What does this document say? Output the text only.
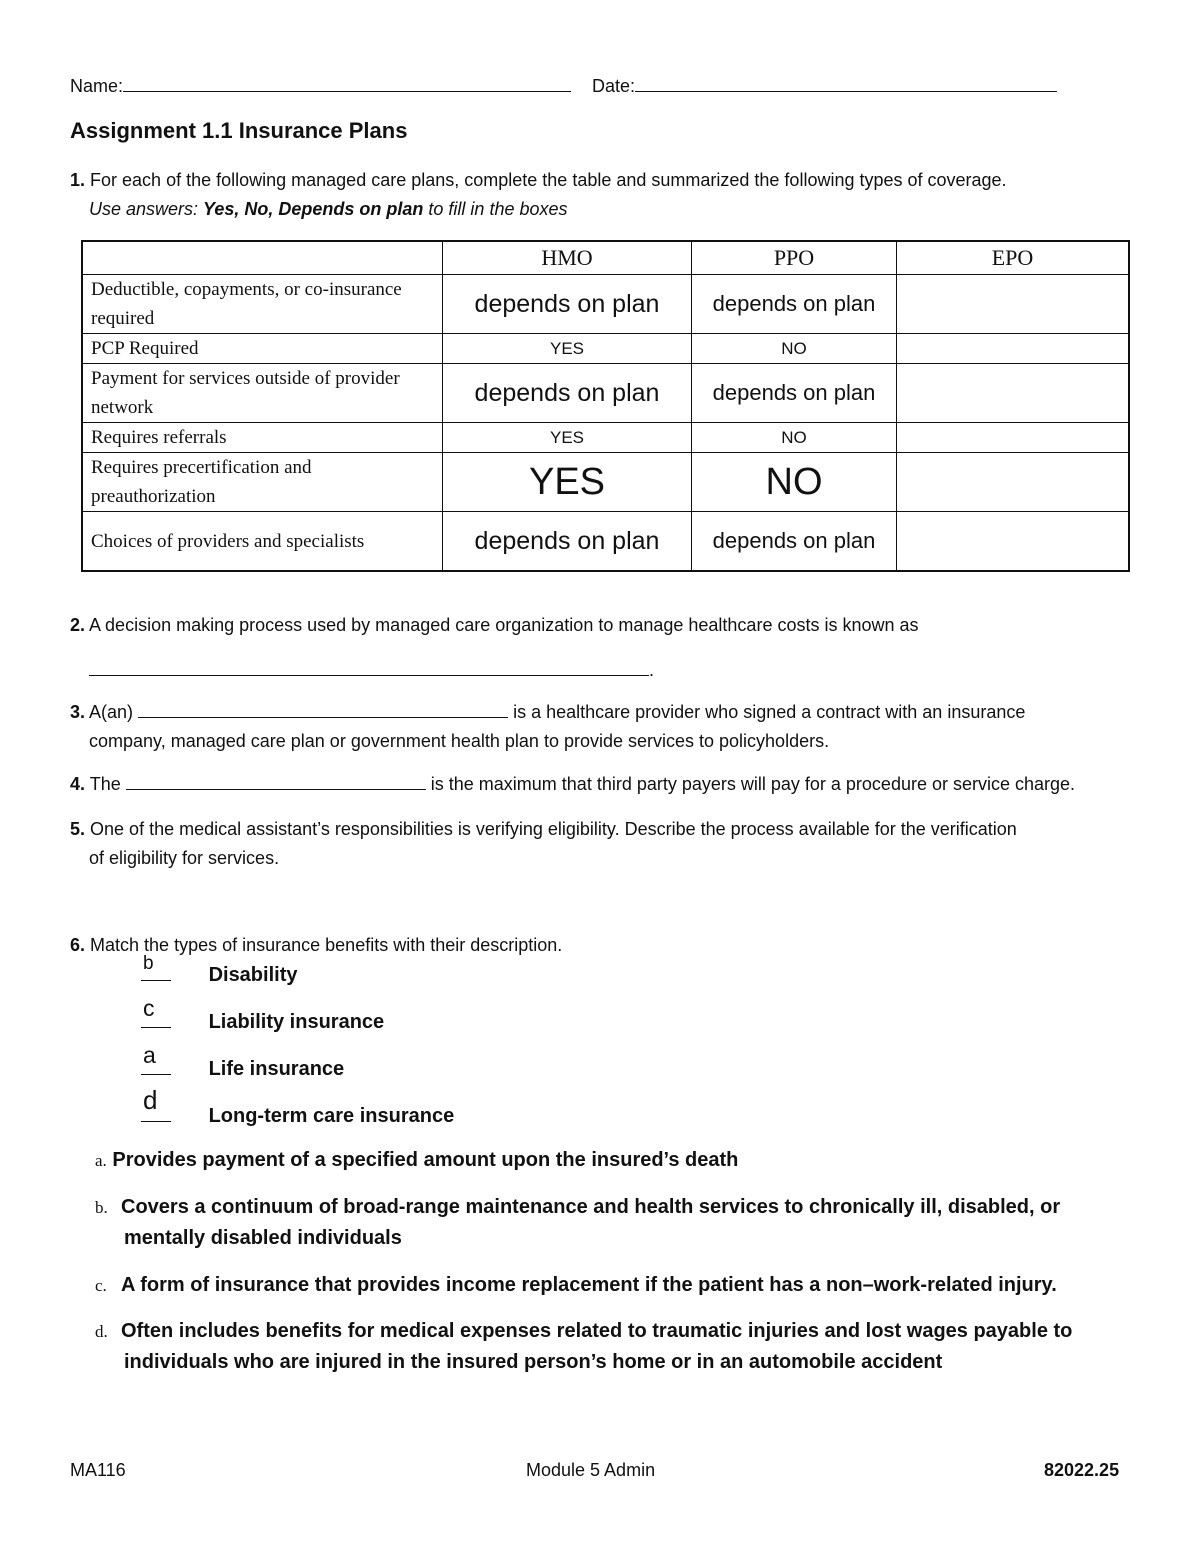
Name:	Date:
Assignment 1.1 Insurance Plans
1. For each of the following managed care plans, complete the table and summarized the following types of coverage.
Use answers: Yes, No, Depends on plan to fill in the boxes
	HMO	PPO	EPO
Deductible, copayments, or co-insurance required	depends on plan	depends on plan	
PCP Required	YES	NO	
Payment for services outside of provider network	depends on plan	depends on plan	
Requires referrals	YES	NO	
Requires precertification and preauthorization	YES	NO	
Choices of providers and specialists	depends on plan	depends on plan	
2. A decision making process used by managed care organization to manage healthcare costs is known as
.
3. A(an)	is a healthcare provider who signed a contract with an insurance
company, managed care plan or government health plan to provide services to policyholders.
4. The	is the maximum that third party payers will pay for a procedure or service charge.
5. One of the medical assistant’s responsibilities is verifying eligibility. Describe the process available for the verification
of eligibility for services.
6. Match the types of insurance benefits with their description.
b
Disability
c
Liability insurance
a
Life insurance
d
Long-term care insurance
a. Provides payment of a specified amount upon the insured’s death
b. Covers a continuum of broad-range maintenance and health services to chronically ill, disabled, or
mentally disabled individuals
c. A form of insurance that provides income replacement if the patient has a non–work-related injury.
d. Often includes benefits for medical expenses related to traumatic injuries and lost wages payable to
individuals who are injured in the insured person’s home or in an automobile accident
MA116	Module 5 Admin	82022.25
